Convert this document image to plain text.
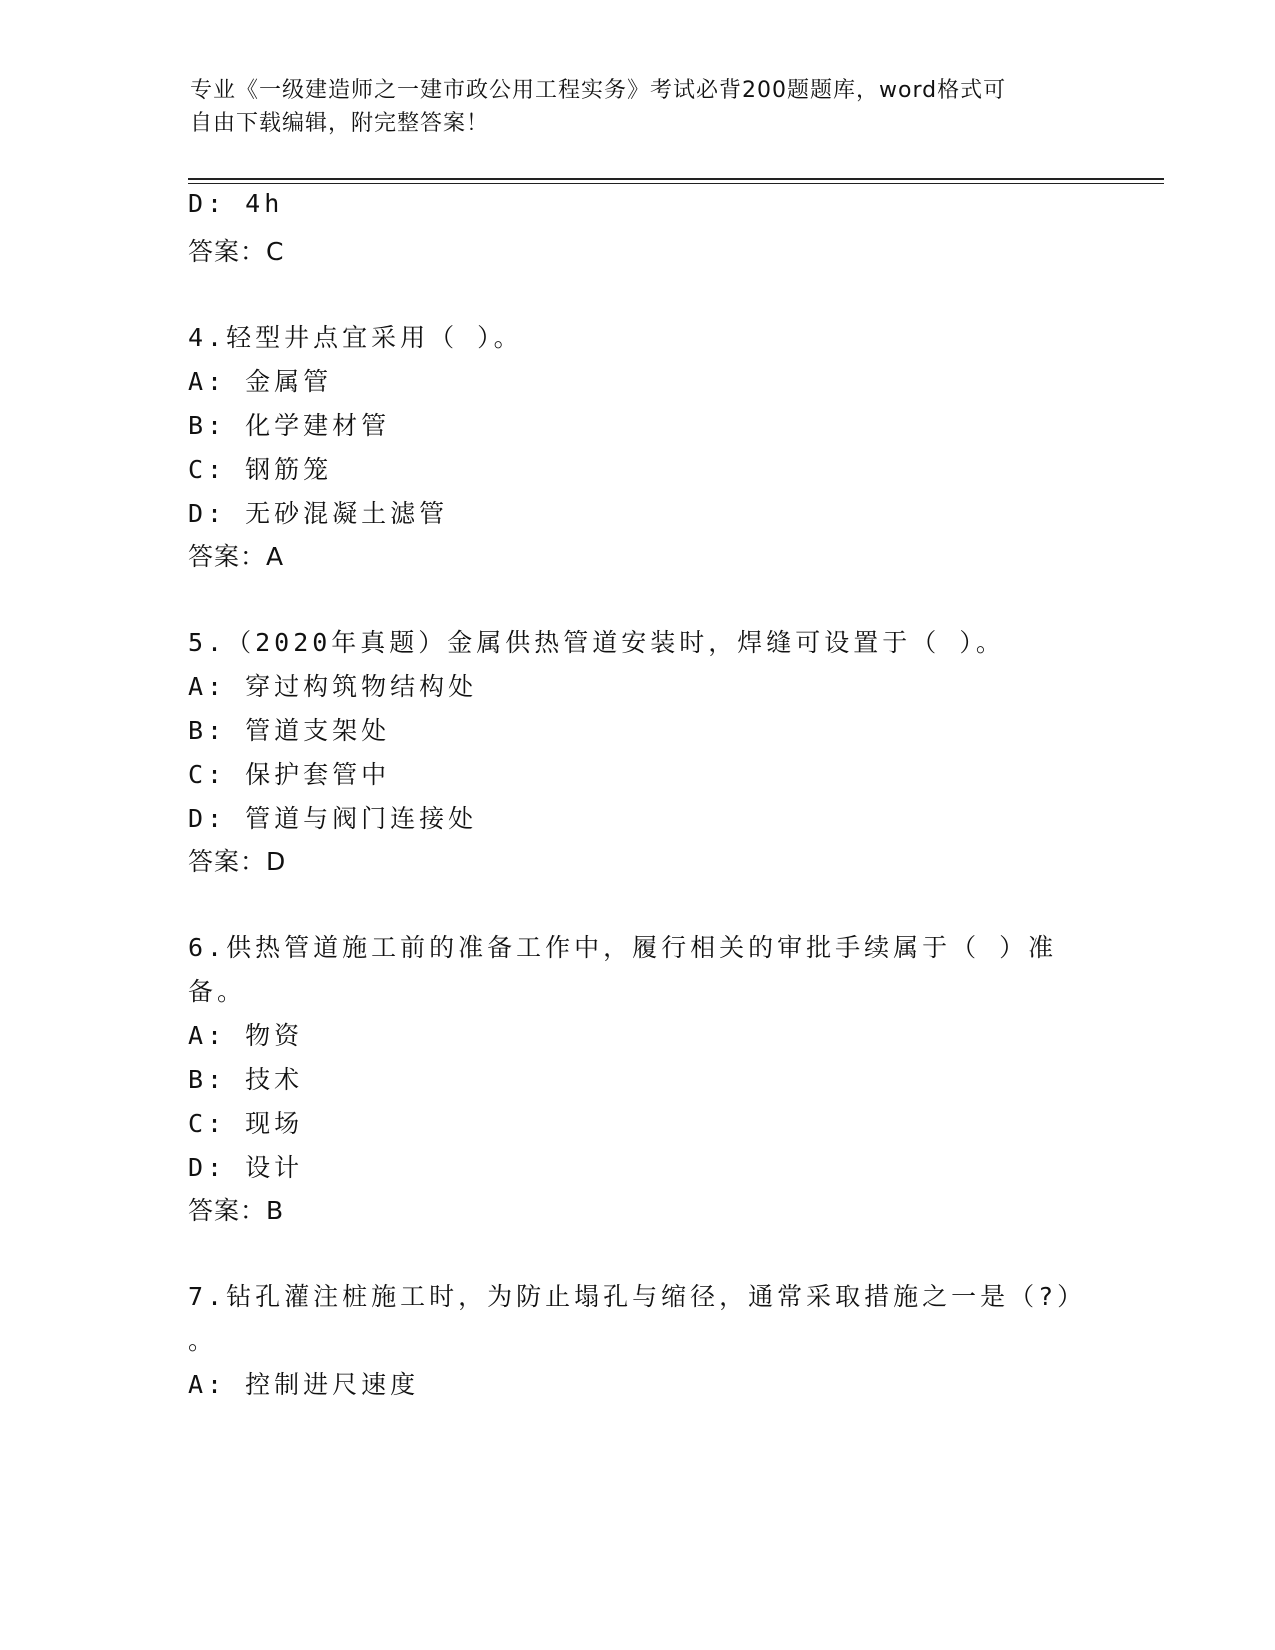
专业《一级建造师之一建市政公用工程实务》考试必背200题题库，word格式可
自由下载编辑，附完整答案！
D: 4h
答案：C
4.轻型井点宜采用（ ）。
A: 金属管
B: 化学建材管
C: 钢筋笼
D: 无砂混凝土滤管
答案：A
5.（2020年真题）金属供热管道安装时，焊缝可设置于（ ）。
A: 穿过构筑物结构处
B: 管道支架处
C: 保护套管中
D: 管道与阀门连接处
答案：D
6.供热管道施工前的准备工作中，履行相关的审批手续属于（ ）准
备。
A: 物资
B: 技术
C: 现场
D: 设计
答案：B
7.钻孔灌注桩施工时，为防止塌孔与缩径，通常采取措施之一是（?）
。
A: 控制进尺速度
